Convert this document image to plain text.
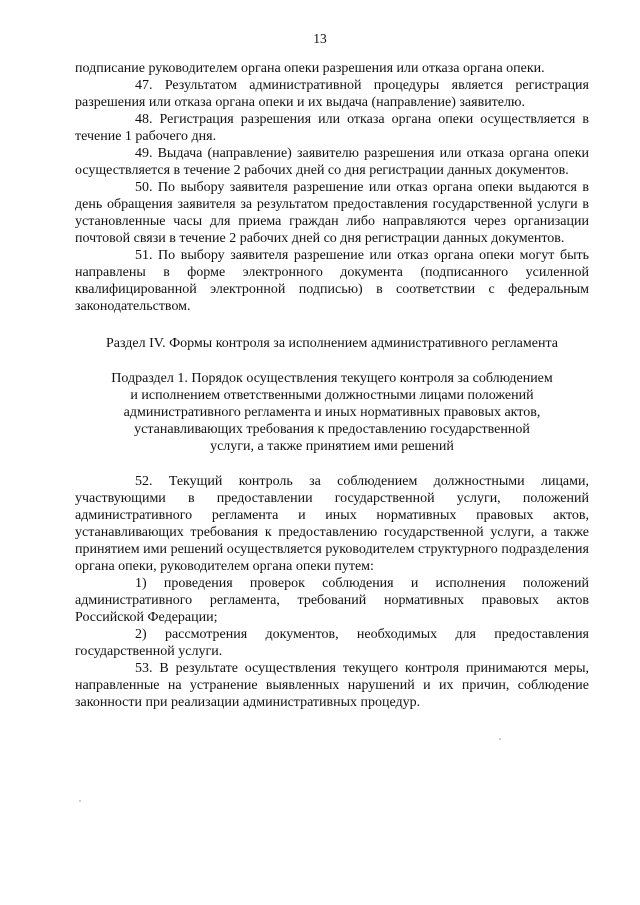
13

подписание руководителем органа опеки разрешения или отказа органа опеки.

47. Результатом административной процедуры является регистрация разрешения или отказа органа опеки и их выдача (направление) заявителю.

48. Регистрация разрешения или отказа органа опеки осуществляется в течение 1 рабочего дня.

49. Выдача (направление) заявителю разрешения или отказа органа опеки осуществляется в течение 2 рабочих дней со дня регистрации данных документов.

50. По выбору заявителя разрешение или отказ органа опеки выдаются в день обращения заявителя за результатом предоставления государственной услуги в установленные часы для приема граждан либо направляются через организации почтовой связи в течение 2 рабочих дней со дня регистрации данных документов.

51. По выбору заявителя разрешение или отказ органа опеки могут быть направлены в форме электронного документа (подписанного усиленной квалифицированной электронной подписью) в соответствии с федеральным законодательством.

Раздел IV. Формы контроля за исполнением административного регламента

Подраздел 1. Порядок осуществления текущего контроля за соблюдением
и исполнением ответственными должностными лицами положений
административного регламента и иных нормативных правовых актов,
устанавливающих требования к предоставлению государственной
услуги, а также принятием ими решений

52. Текущий контроль за соблюдением должностными лицами, участвующими в предоставлении государственной услуги, положений административного регламента и иных нормативных правовых актов, устанавливающих требования к предоставлению государственной услуги, а также принятием ими решений осуществляется руководителем структурного подразделения органа опеки, руководителем органа опеки путем:

1) проведения проверок соблюдения и исполнения положений административного регламента, требований нормативных правовых актов Российской Федерации;

2) рассмотрения документов, необходимых для предоставления государственной услуги.

53. В результате осуществления текущего контроля принимаются меры, направленные на устранение выявленных нарушений и их причин, соблюдение законности при реализации административных процедур.
